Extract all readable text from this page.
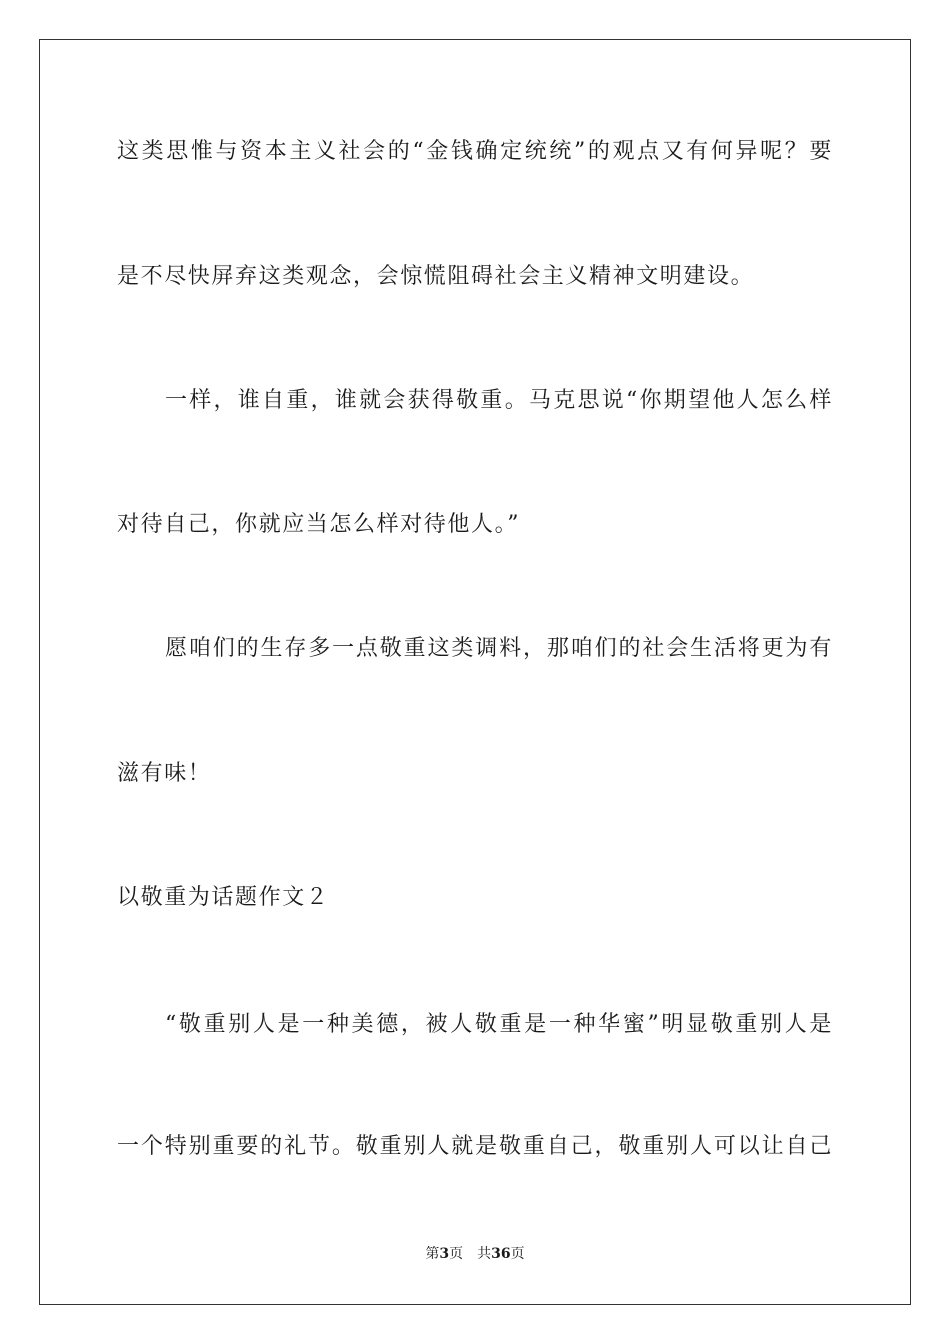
这类思惟与资本主义社会的“金钱确定统统”的观点又有何异呢？要
是不尽快屏弃这类观念，会惊慌阻碍社会主义精神文明建设。
一样，谁自重，谁就会获得敬重。马克思说“你期望他人怎么样
对待自己，你就应当怎么样对待他人。”
愿咱们的生存多一点敬重这类调料，那咱们的社会生活将更为有
滋有味！
以敬重为话题作文２
“敬重别人是一种美德，被人敬重是一种华蜜”明显敬重别人是
一个特别重要的礼节。敬重别人就是敬重自己，敬重别人可以让自己
第3页 共36页
